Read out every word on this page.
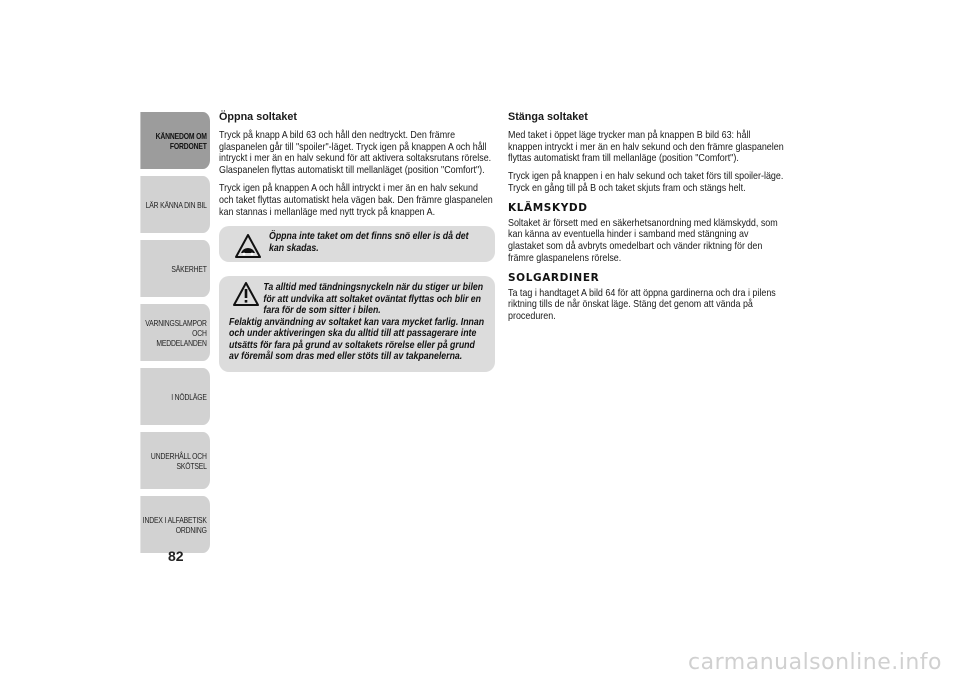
KÄNNEDOM OM FORDONET
LÄR KÄNNA DIN BIL
SÄKERHET
VARNINGSLAMPOR OCH MEDDELANDEN
I NÖDLÄGE
UNDERHÅLL OCH SKÖTSEL
INDEX I ALFABETISK ORDNING
82
Öppna soltaket

Tryck på knapp A bild 63 och håll den nedtryckt. Den främre glaspanelen går till "spoiler"-läget. Tryck igen på knappen A och håll intryckt i mer än en halv sekund för att aktivera soltaksrutans rörelse. Glaspanelen flyttas automatiskt till mellanläget (position "Comfort").

Tryck igen på knappen A och håll intryckt i mer än en halv sekund och taket flyttas automatiskt hela vägen bak. Den främre glaspanelen kan stannas i mellanläge med nytt tryck på knappen A.

Öppna inte taket om det finns snö eller is då det kan skadas.
Ta alltid med tändningsnyckeln när du stiger ur bilen för att undvika att soltaket oväntat flyttas och blir en fara för de som sitter i bilen.
Felaktig användning av soltaket kan vara mycket farlig. Innan och under aktiveringen ska du alltid till att passagerare inte utsätts för fara på grund av soltakets rörelse eller på grund av föremål som dras med eller stöts till av takpanelerna.
Stänga soltaket

Med taket i öppet läge trycker man på knappen B bild 63: håll knappen intryckt i mer än en halv sekund och den främre glaspanelen flyttas automatiskt fram till mellanläge (position "Comfort").

Tryck igen på knappen i en halv sekund och taket förs till spoiler-läge. Tryck en gång till på B och taket skjuts fram och stängs helt.

KLÄMSKYDD

Soltaket är försett med en säkerhetsanordning med klämskydd, som kan känna av eventuella hinder i samband med stängning av glastaket som då avbryts omedelbart och vänder riktning för den främre glaspanelens rörelse.

SOLGARDINER

Ta tag i handtaget A bild 64 för att öppna gardinerna och dra i pilens riktning tills de når önskat läge. Stäng det genom att vända på proceduren.

carmanualsonline.info
